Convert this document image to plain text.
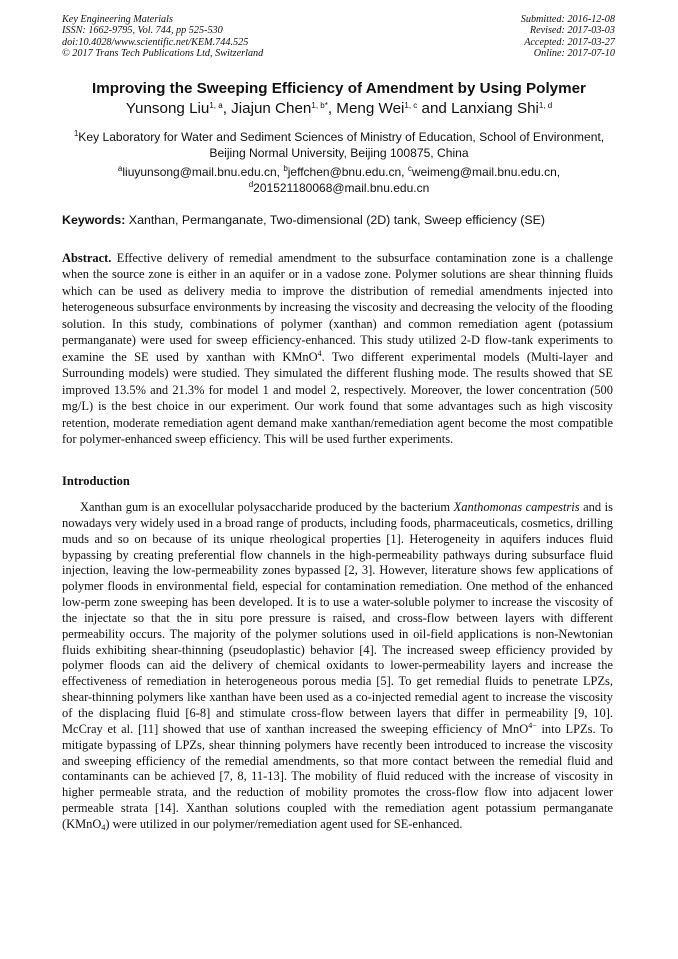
Key Engineering Materials
ISSN: 1662-9795, Vol. 744, pp 525-530
doi:10.4028/www.scientific.net/KEM.744.525
© 2017 Trans Tech Publications Ltd, Switzerland
Submitted: 2016-12-08
Revised: 2017-03-03
Accepted: 2017-03-27
Online: 2017-07-10
Improving the Sweeping Efficiency of Amendment by Using Polymer
Yunsong Liu$^{1, a}$, Jiajun Chen$^{1, b*}$, Meng Wei$^{1, c}$ and Lanxiang Shi$^{1, d}$
$^1$Key Laboratory for Water and Sediment Sciences of Ministry of Education, School of Environment,
Beijing Normal University, Beijing 100875, China
$^a$liuyunsong@mail.bnu.edu.cn, $^b$jeffchen@bnu.edu.cn, $^c$weimeng@mail.bnu.edu.cn,
$^d$201521180068@mail.bnu.edu.cn
Keywords: Xanthan, Permanganate, Two-dimensional (2D) tank, Sweep efficiency (SE)

Abstract. Effective delivery of remedial amendment to the subsurface contamination zone is a challenge when the source zone is either in an aquifer or in a vadose zone. Polymer solutions are shear thinning fluids which can be used as delivery media to improve the distribution of remedial amendments injected into heterogeneous subsurface environments by increasing the viscosity and decreasing the velocity of the flooding solution. In this study, combinations of polymer (xanthan) and common remediation agent (potassium permanganate) were used for sweep efficiency-enhanced. This study utilized 2-D flow-tank experiments to examine the SE used by xanthan with KMnO$^4$. Two different experimental models (Multi-layer and Surrounding models) were studied. They simulated the different flushing mode. The results showed that SE improved 13.5% and 21.3% for model 1 and model 2, respectively. Moreover, the lower concentration (500 mg/L) is the best choice in our experiment. Our work found that some advantages such as high viscosity retention, moderate remediation agent demand make xanthan/remediation agent become the most compatible for polymer-enhanced sweep efficiency. This will be used further experiments.

Introduction

Xanthan gum is an exocellular polysaccharide produced by the bacterium Xanthomonas campestris and is nowadays very widely used in a broad range of products, including foods, pharmaceuticals, cosmetics, drilling muds and so on because of its unique rheological properties [1]. Heterogeneity in aquifers induces fluid bypassing by creating preferential flow channels in the high-permeability pathways during subsurface fluid injection, leaving the low-permeability zones bypassed [2, 3]. However, literature shows few applications of polymer floods in environmental field, especial for contamination remediation. One method of the enhanced low-perm zone sweeping has been developed. It is to use a water-soluble polymer to increase the viscosity of the injectate so that the in situ pore pressure is raised, and cross-flow between layers with different permeability occurs. The majority of the polymer solutions used in oil-field applications is non-Newtonian fluids exhibiting shear-thinning (pseudoplastic) behavior [4]. The increased sweep efficiency provided by polymer floods can aid the delivery of chemical oxidants to lower-permeability layers and increase the effectiveness of remediation in heterogeneous porous media [5]. To get remedial fluids to penetrate LPZs, shear-thinning polymers like xanthan have been used as a co-injected remedial agent to increase the viscosity of the displacing fluid [6-8] and stimulate cross-flow between layers that differ in permeability [9, 10]. McCray et al. [11] showed that use of xanthan increased the sweeping efficiency of MnO$^{4-}$ into LPZs. To mitigate bypassing of LPZs, shear thinning polymers have recently been introduced to increase the viscosity and sweeping efficiency of the remedial amendments, so that more contact between the remedial fluid and contaminants can be achieved [7, 8, 11-13]. The mobility of fluid reduced with the increase of viscosity in higher permeable strata, and the reduction of mobility promotes the cross-flow flow into adjacent lower permeable strata [14]. Xanthan solutions coupled with the remediation agent potassium permanganate (KMnO$_4$) were utilized in our polymer/remediation agent used for SE-enhanced.
